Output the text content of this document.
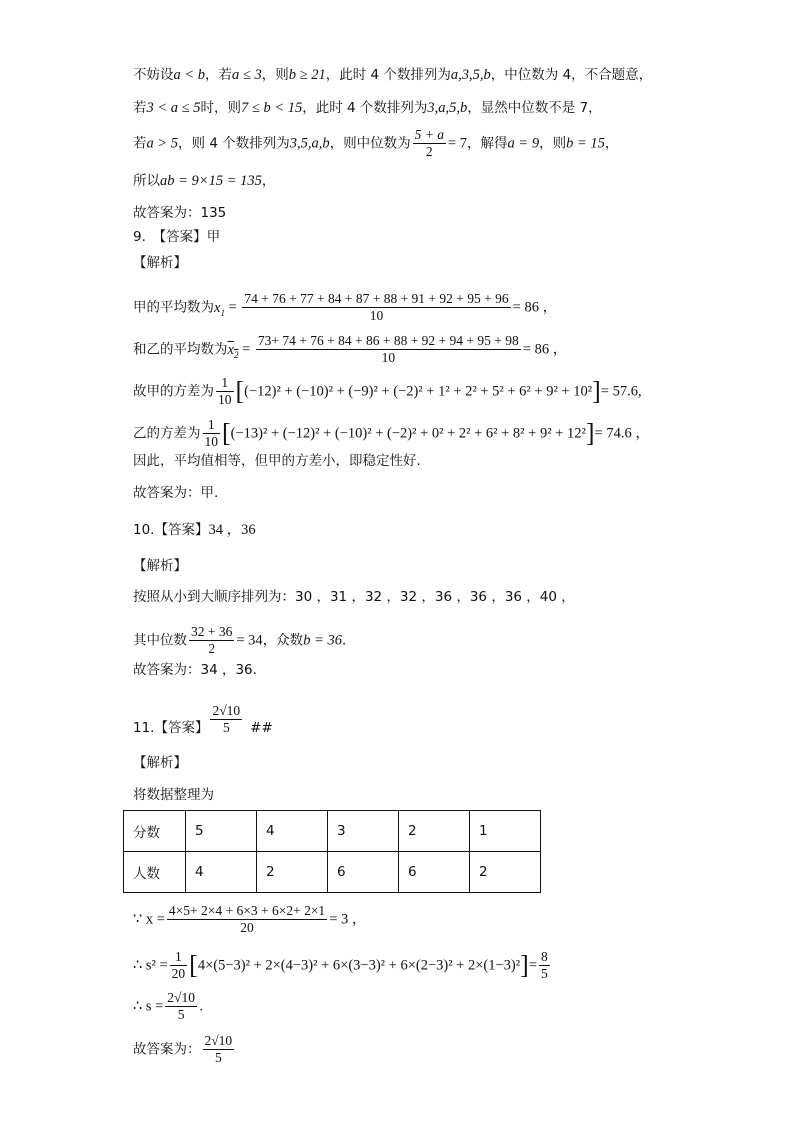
不妨设a < b，若a ≤ 3，则b ≥ 21，此时 4 个数排列为a,3,5,b，中位数为 4，不合题意，
若3 < a ≤ 5时，则7 ≤ b < 15，此时 4 个数排列为3,a,5,b，显然中位数不是 7，
若a > 5，则 4 个数排列为3,5,a,b，则中位数为 $\frac{5 + a}{2} = 7$，解得a = 9，则b = 15，
所以ab = 9×15 = 135，
故答案为：135
9.　【答案】甲
【解析】
甲的平均数为$x_1 = \frac{74 + 76 + 77 + 84 + 87 + 88 + 91 + 92 + 95 + 96}{10} = 86$ ，
和乙的平均数为$x_2 = \frac{73+ 74 + 76 + 84 + 86 + 88 + 92 + 94 + 95 + 98}{10} = 86$ ，
故甲的方差为 $\frac{1}{10} [(-12)^2 + (-10)^2 + (-9)^2 + (-2)^2 + 1^2 + 2^2 + 5^2 + 6^2 + 9^2 + 10^2]= 57.6$,
乙的方差为 $\frac{1}{10} [(-13)^2 + (-12)^2 + (-10)^2 + (-2)^2 + 0^2 + 2^2 + 6^2 + 8^2 + 9^2 + 12^2]= 74.6$ ，
因此，平均值相等，但甲的方差小，即稳定性好.
故答案为：甲.
10.【答案】34 ，36
【解析】
按照从小到大顺序排列为：30 ，31 ，32 ，32 ，36 ，36 ，36 ，40 ，
其中位数 $\frac{32 + 36}{2} = 34$，众数b = 36.
故答案为：34 ，36.
11.【答案】 $\frac{2√10}{5}$ ##
【解析】
将数据整理为
分数	5	4	3	2	1
人数	4	2	6	6	2
∵ $x = \frac{4\times 5+ 2\times 4 + 6\times 3 + 6\times 2+ 2\times 1}{20} = 3$ ，
∴ $s^2 = \frac{1}{20} [4\times(5-3)^2 + 2\times(4-3)^2 + 6\times(3-3)^2 + 6\times(2-3)^2 + 2\times(1-3)^2]= \frac{8}{5}$
∴ $s = \frac{2√10}{5}$ .
故答案为： $\frac{2√10}{5}$
